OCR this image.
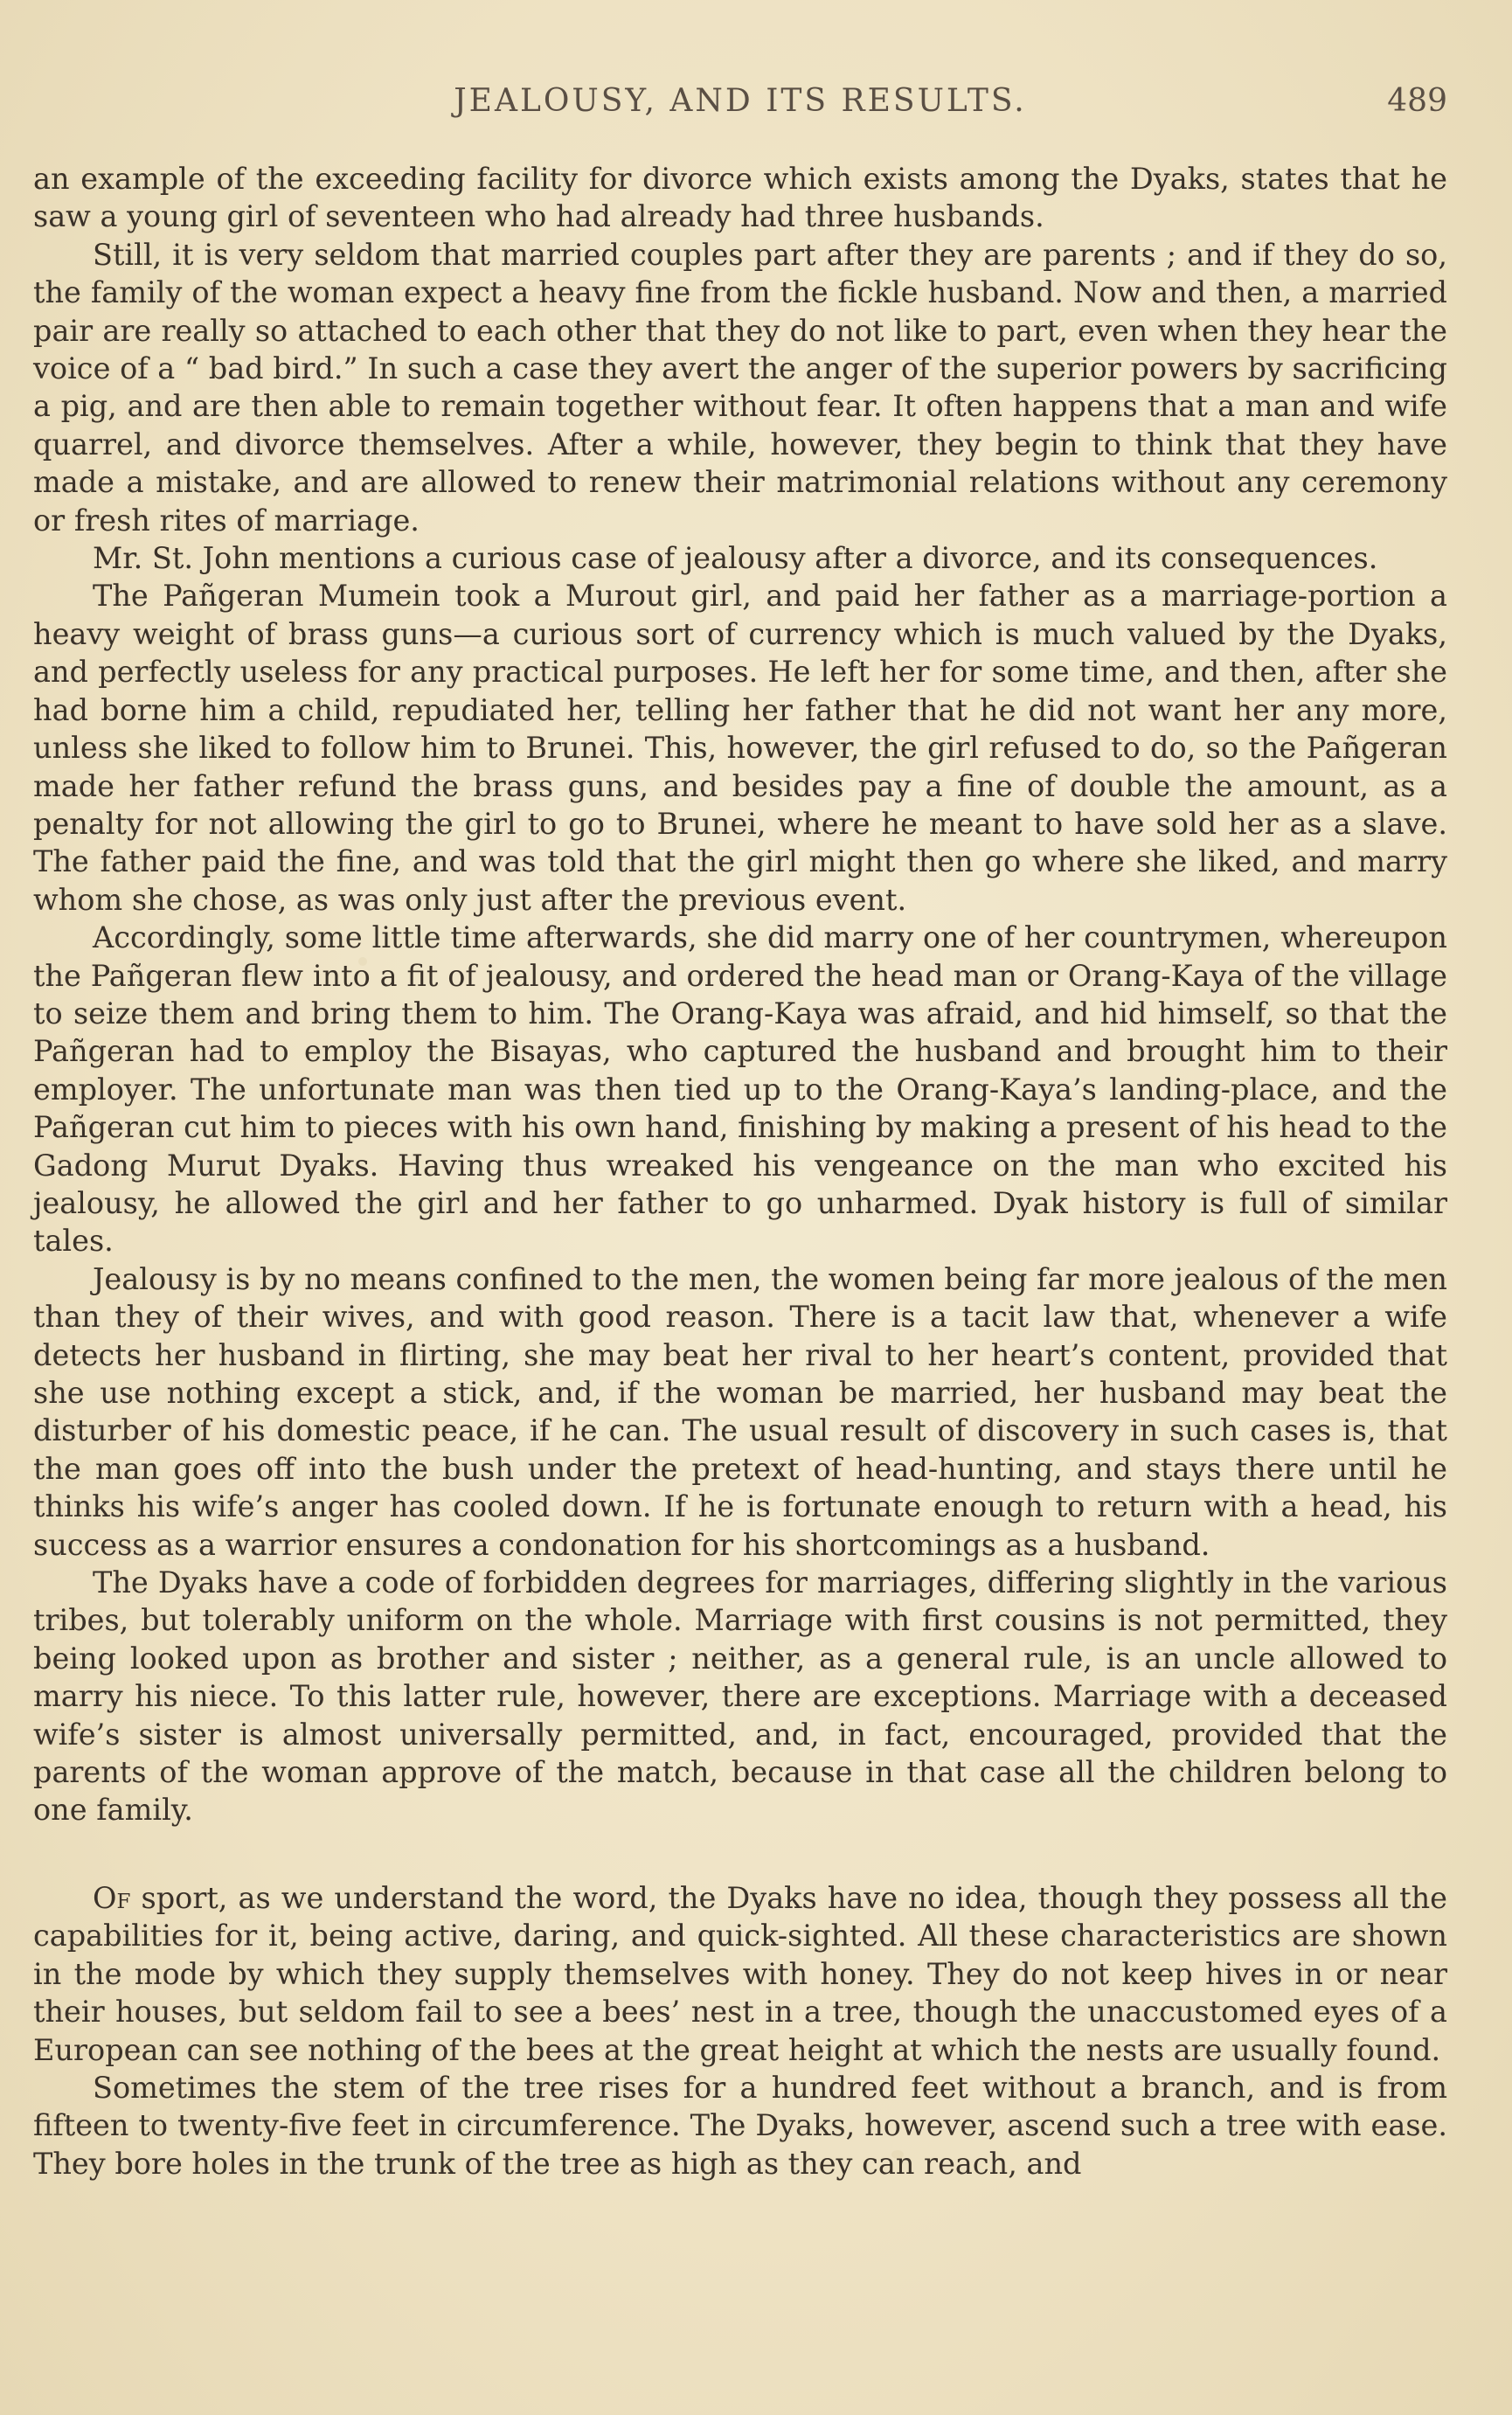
JEALOUSY, AND ITS RESULTS.	489

an example of the exceeding facility for divorce which exists among the Dyaks, states that he saw a young girl of seventeen who had already had three husbands.

Still, it is very seldom that married couples part after they are parents ; and if they do so, the family of the woman expect a heavy fine from the fickle husband. Now and then, a married pair are really so attached to each other that they do not like to part, even when they hear the voice of a “ bad bird.” In such a case they avert the anger of the superior powers by sacrificing a pig, and are then able to remain together without fear. It often happens that a man and wife quarrel, and divorce themselves. After a while, however, they begin to think that they have made a mistake, and are allowed to renew their matrimonial relations without any ceremony or fresh rites of marriage.

Mr. St. John mentions a curious case of jealousy after a divorce, and its consequences.

The Pañgeran Mumein took a Murout girl, and paid her father as a marriage-portion a heavy weight of brass guns—a curious sort of currency which is much valued by the Dyaks, and perfectly useless for any practical purposes. He left her for some time, and then, after she had borne him a child, repudiated her, telling her father that he did not want her any more, unless she liked to follow him to Brunei. This, however, the girl refused to do, so the Pañgeran made her father refund the brass guns, and besides pay a fine of double the amount, as a penalty for not allowing the girl to go to Brunei, where he meant to have sold her as a slave. The father paid the fine, and was told that the girl might then go where she liked, and marry whom she chose, as was only just after the previous event.

Accordingly, some little time afterwards, she did marry one of her countrymen, whereupon the Pañgeran flew into a fit of jealousy, and ordered the head man or Orang-Kaya of the village to seize them and bring them to him. The Orang-Kaya was afraid, and hid himself, so that the Pañgeran had to employ the Bisayas, who captured the husband and brought him to their employer. The unfortunate man was then tied up to the Orang-Kaya’s landing-place, and the Pañgeran cut him to pieces with his own hand, finishing by making a present of his head to the Gadong Murut Dyaks. Having thus wreaked his vengeance on the man who excited his jealousy, he allowed the girl and her father to go unharmed. Dyak history is full of similar tales.

Jealousy is by no means confined to the men, the women being far more jealous of the men than they of their wives, and with good reason. There is a tacit law that, whenever a wife detects her husband in flirting, she may beat her rival to her heart’s content, provided that she use nothing except a stick, and, if the woman be married, her husband may beat the disturber of his domestic peace, if he can. The usual result of discovery in such cases is, that the man goes off into the bush under the pretext of head-hunting, and stays there until he thinks his wife’s anger has cooled down. If he is fortunate enough to return with a head, his success as a warrior ensures a condonation for his shortcomings as a husband.

The Dyaks have a code of forbidden degrees for marriages, differing slightly in the various tribes, but tolerably uniform on the whole. Marriage with first cousins is not permitted, they being looked upon as brother and sister ; neither, as a general rule, is an uncle allowed to marry his niece. To this latter rule, however, there are exceptions. Marriage with a deceased wife’s sister is almost universally permitted, and, in fact, encouraged, provided that the parents of the woman approve of the match, because in that case all the children belong to one family.

Of sport, as we understand the word, the Dyaks have no idea, though they possess all the capabilities for it, being active, daring, and quick-sighted. All these characteristics are shown in the mode by which they supply themselves with honey. They do not keep hives in or near their houses, but seldom fail to see a bees’ nest in a tree, though the unaccustomed eyes of a European can see nothing of the bees at the great height at which the nests are usually found.

Sometimes the stem of the tree rises for a hundred feet without a branch, and is from fifteen to twenty-five feet in circumference. The Dyaks, however, ascend such a tree with ease. They bore holes in the trunk of the tree as high as they can reach, and
